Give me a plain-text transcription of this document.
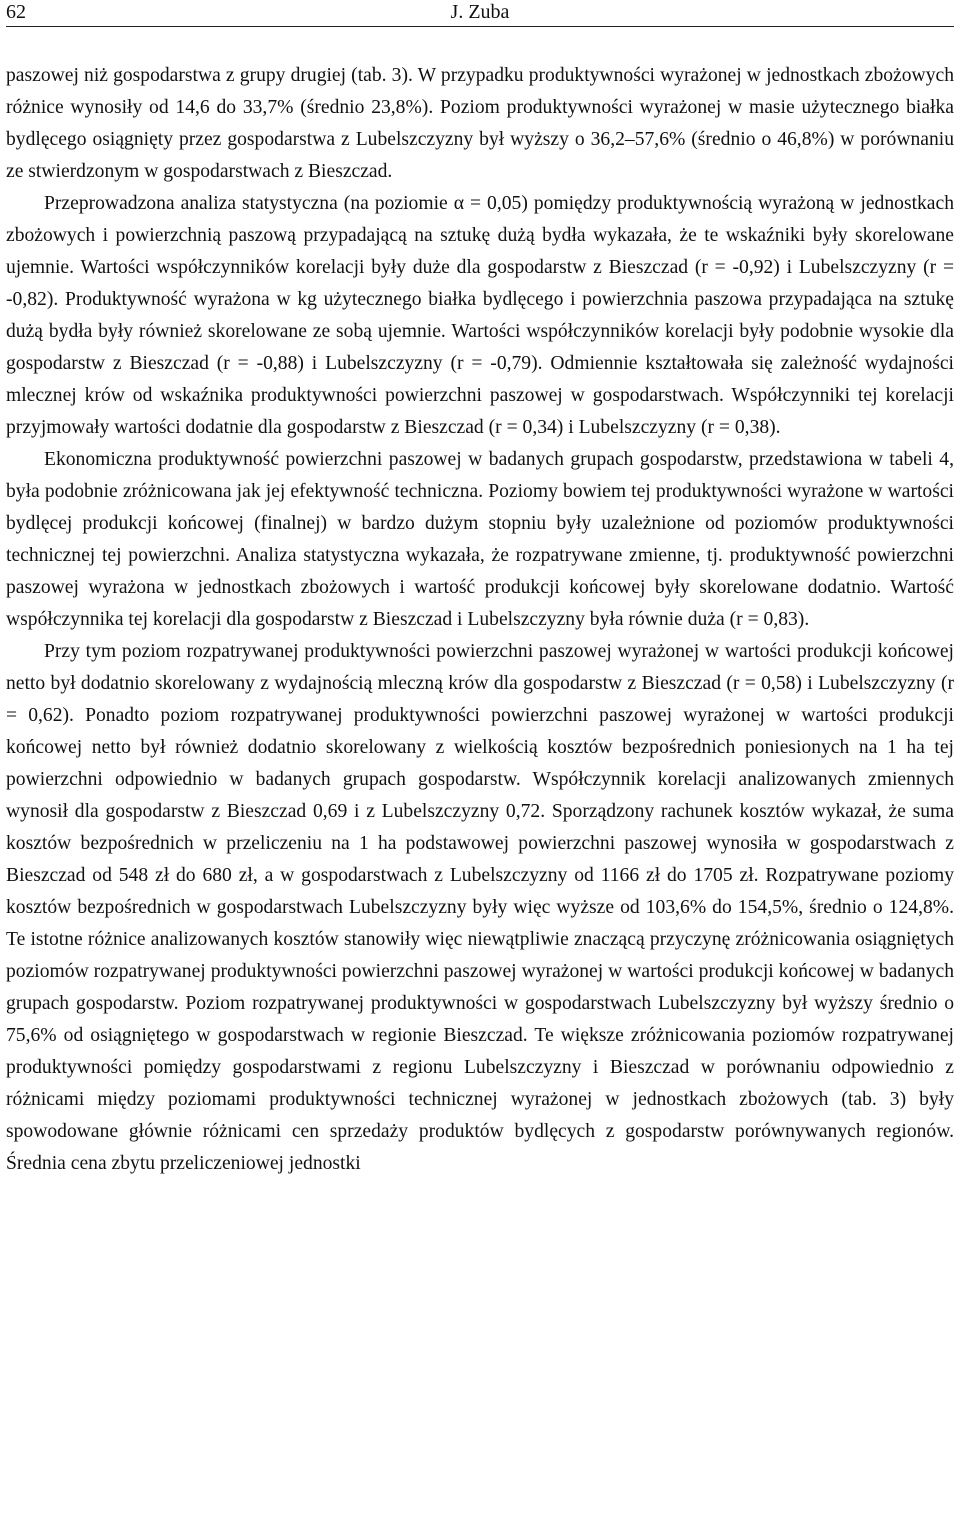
62	J. Zuba

paszowej niż gospodarstwa z grupy drugiej (tab. 3). W przypadku produktywności wyrażonej w jednostkach zbożowych różnice wynosiły od 14,6 do 33,7% (średnio 23,8%). Poziom produktywności wyrażonej w masie użytecznego białka bydlęcego osiągnięty przez gospodarstwa z Lubelszczyzny był wyższy o 36,2–57,6% (średnio o 46,8%) w porównaniu ze stwierdzonym w gospodarstwach z Bieszczad.

Przeprowadzona analiza statystyczna (na poziomie α = 0,05) pomiędzy produktywnością wyrażoną w jednostkach zbożowych i powierzchnią paszową przypadającą na sztukę dużą bydła wykazała, że te wskaźniki były skorelowane ujemnie. Wartości współczynników korelacji były duże dla gospodarstw z Bieszczad (r = -0,92) i Lubelszczyzny (r = -0,82). Produktywność wyrażona w kg użytecznego białka bydlęcego i powierzchnia paszowa przypadająca na sztukę dużą bydła były również skorelowane ze sobą ujemnie. Wartości współczynników korelacji były podobnie wysokie dla gospodarstw z Bieszczad (r = -0,88) i Lubelszczyzny (r = -0,79). Odmiennie kształtowała się zależność wydajności mlecznej krów od wskaźnika produktywności powierzchni paszowej w gospodarstwach. Współczynniki tej korelacji przyjmowały wartości dodatnie dla gospodarstw z Bieszczad (r = 0,34) i Lubelszczyzny (r = 0,38).

Ekonomiczna produktywność powierzchni paszowej w badanych grupach gospodarstw, przedstawiona w tabeli 4, była podobnie zróżnicowana jak jej efektywność techniczna. Poziomy bowiem tej produktywności wyrażone w wartości bydlęcej produkcji końcowej (finalnej) w bardzo dużym stopniu były uzależnione od poziomów produktywności technicznej tej powierzchni. Analiza statystyczna wykazała, że rozpatrywane zmienne, tj. produktywność powierzchni paszowej wyrażona w jednostkach zbożowych i wartość produkcji końcowej były skorelowane dodatnio. Wartość współczynnika tej korelacji dla gospodarstw z Bieszczad i Lubelszczyzny była równie duża (r = 0,83).

Przy tym poziom rozpatrywanej produktywności powierzchni paszowej wyrażonej w wartości produkcji końcowej netto był dodatnio skorelowany z wydajnością mleczną krów dla gospodarstw z Bieszczad (r = 0,58) i Lubelszczyzny (r = 0,62). Ponadto poziom rozpatrywanej produktywności powierzchni paszowej wyrażonej w wartości produkcji końcowej netto był również dodatnio skorelowany z wielkością kosztów bezpośrednich poniesionych na 1 ha tej powierzchni odpowiednio w badanych grupach gospodarstw. Współczynnik korelacji analizowanych zmiennych wynosił dla gospodarstw z Bieszczad 0,69 i z Lubelszczyzny 0,72. Sporządzony rachunek kosztów wykazał, że suma kosztów bezpośrednich w przeliczeniu na 1 ha podstawowej powierzchni paszowej wynosiła w gospodarstwach z Bieszczad od 548 zł do 680 zł, a w gospodarstwach z Lubelszczyzny od 1166 zł do 1705 zł. Rozpatrywane poziomy kosztów bezpośrednich w gospodarstwach Lubelszczyzny były więc wyższe od 103,6% do 154,5%, średnio o 124,8%. Te istotne różnice analizowanych kosztów stanowiły więc niewątpliwie znaczącą przyczynę zróżnicowania osiągniętych poziomów rozpatrywanej produktywności powierzchni paszowej wyrażonej w wartości produkcji końcowej w badanych grupach gospodarstw. Poziom rozpatrywanej produktywności w gospodarstwach Lubelszczyzny był wyższy średnio o 75,6% od osiągniętego w gospodarstwach w regionie Bieszczad. Te większe zróżnicowania poziomów rozpatrywanej produktywności pomiędzy gospodarstwami z regionu Lubelszczyzny i Bieszczad w porównaniu odpowiednio z różnicami między poziomami produktywności technicznej wyrażonej w jednostkach zbożowych (tab. 3) były spowodowane głównie różnicami cen sprzedaży produktów bydlęcych z gospodarstw porównywanych regionów. Średnia cena zbytu przeliczeniowej jednostki
